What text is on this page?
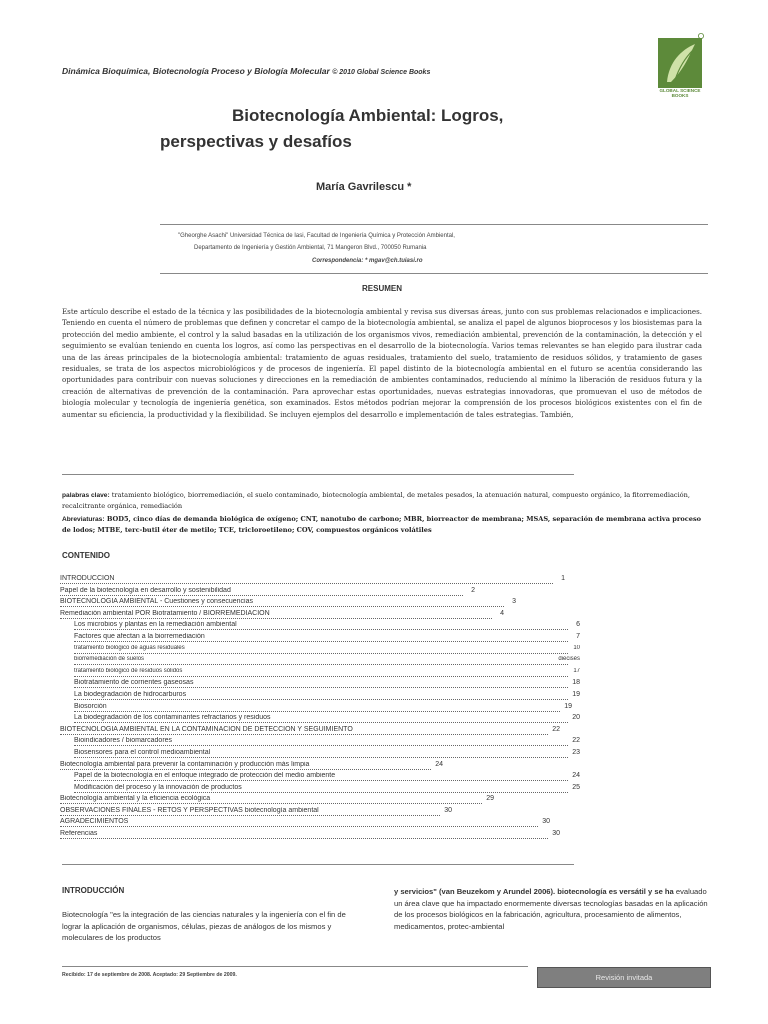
Dinámica Bioquímica, Biotecnología Proceso y Biología Molecular © 2010 Global Science Books
GLOBAL SCIENCE
BOOKS
Biotecnología Ambiental: Logros,
perspectivas y desafíos
María Gavrilescu *
"Gheorghe Asachi" Universidad Técnica de Iasi, Facultad de Ingeniería Química y Protección Ambiental,
Departamento de Ingeniería y Gestión Ambiental, 71 Mangeron Blvd., 700050 Rumania
Correspondencia: * mgav@ch.tuiasi.ro
RESUMEN
Este artículo describe el estado de la técnica y las posibilidades de la biotecnología ambiental y revisa sus diversas áreas, junto con sus problemas relacionados e implicaciones. Teniendo en cuenta el número de problemas que definen y concretar el campo de la biotecnología ambiental, se analiza el papel de algunos bioprocesos y los biosistemas para la protección del medio ambiente, el control y la salud basadas en la utilización de los organismos vivos, remediación ambiental, prevención de la contaminación, la detección y el seguimiento se evalúan teniendo en cuenta los logros, así como las perspectivas en el desarrollo de la biotecnología. Varios temas relevantes se han elegido para ilustrar cada una de las áreas principales de la biotecnología ambiental: tratamiento de aguas residuales, tratamiento del suelo, tratamiento de residuos sólidos, y tratamiento de gases residuales, se trata de los aspectos microbiológicos y de procesos de ingeniería. El papel distinto de la biotecnología ambiental en el futuro se acentúa considerando las oportunidades para contribuir con nuevas soluciones y direcciones en la remediación de ambientes contaminados, reduciendo al mínimo la liberación de residuos futura y la creación de alternativas de prevención de la contaminación. Para aprovechar estas oportunidades, nuevas estrategias innovadoras, que promuevan el uso de métodos de biología molecular y tecnología de ingeniería genética, son examinados. Estos métodos podrían mejorar la comprensión de los procesos biológicos existentes con el fin de aumentar su eficiencia, la productividad y la flexibilidad. Se incluyen ejemplos del desarrollo e implementación de tales estrategias. También,
palabras clave: tratamiento biológico, biorremediación, el suelo contaminado, biotecnología ambiental, de metales pesados, la atenuación natural, compuesto orgánico, la fitorremediación, recalcitrante orgánica, remediación
Abreviaturas: BOD5, cinco días de demanda biológica de oxígeno; CNT, nanotubo de carbono; MBR, biorreactor de membrana; MSAS, separación de membrana activa proceso de lodos; MTBE, terc-butil éter de metilo; TCE, tricloroetileno; COV, compuestos orgánicos volátiles
CONTENIDO
INTRODUCCIÓN	1
Papel de la biotecnología en desarrollo y sostenibilidad	2
BIOTECNOLOGÍA AMBIENTAL - Cuestiones y consecuencias	3
Remediación ambiental POR Biotratamiento / BIORREMEDIACIÓN	4
Los microbios y plantas en la remediación ambiental	6
Factores que afectan a la biorremediación	7
tratamiento biológico de aguas residuales	10
biorremediación de suelos	diecisés
tratamiento biológico de residuos sólidos	17
Biotratamiento de corrientes gaseosas	18
La biodegradación de hidrocarburos	19
Biosorción	19
La biodegradación de los contaminantes refractarios y residuos	20
BIOTECNOLOGÍA AMBIENTAL EN LA CONTAMINACIÓN DE DETECCIÓN Y SEGUIMIENTO	22
Bioindicadores / biomarcadores	22
Biosensores para el control medioambiental	23
Biotecnología ambiental para prevenir la contaminación y producción más limpia	24
Papel de la biotecnología en el enfoque integrado de protección del medio ambiente	24
Modificación del proceso y la innovación de productos	25
Biotecnología ambiental y la eficiencia ecológica	29
OBSERVACIONES FINALES - RETOS Y PERSPECTIVAS biotecnología ambiental	30
AGRADECIMIENTOS	30
Referencias	30
INTRODUCCIÓN
Biotecnología "es la integración de las ciencias naturales y la ingeniería con el fin de lograr la aplicación de organismos, células, piezas de análogos de los mismos y moleculares de los productos
y servicios" (van Beuzekom y Arundel 2006). biotecnología es versátil y se ha evaluado un área clave que ha impactado enormemente diversas tecnologías basadas en la aplicación de los procesos biológicos en la fabricación, agricultura, procesamiento de alimentos, medicamentos, protec-ambiental
Recibido: 17 de septiembre de 2008. Aceptado: 29 Septiembre de 2009.	Revisión invitada
